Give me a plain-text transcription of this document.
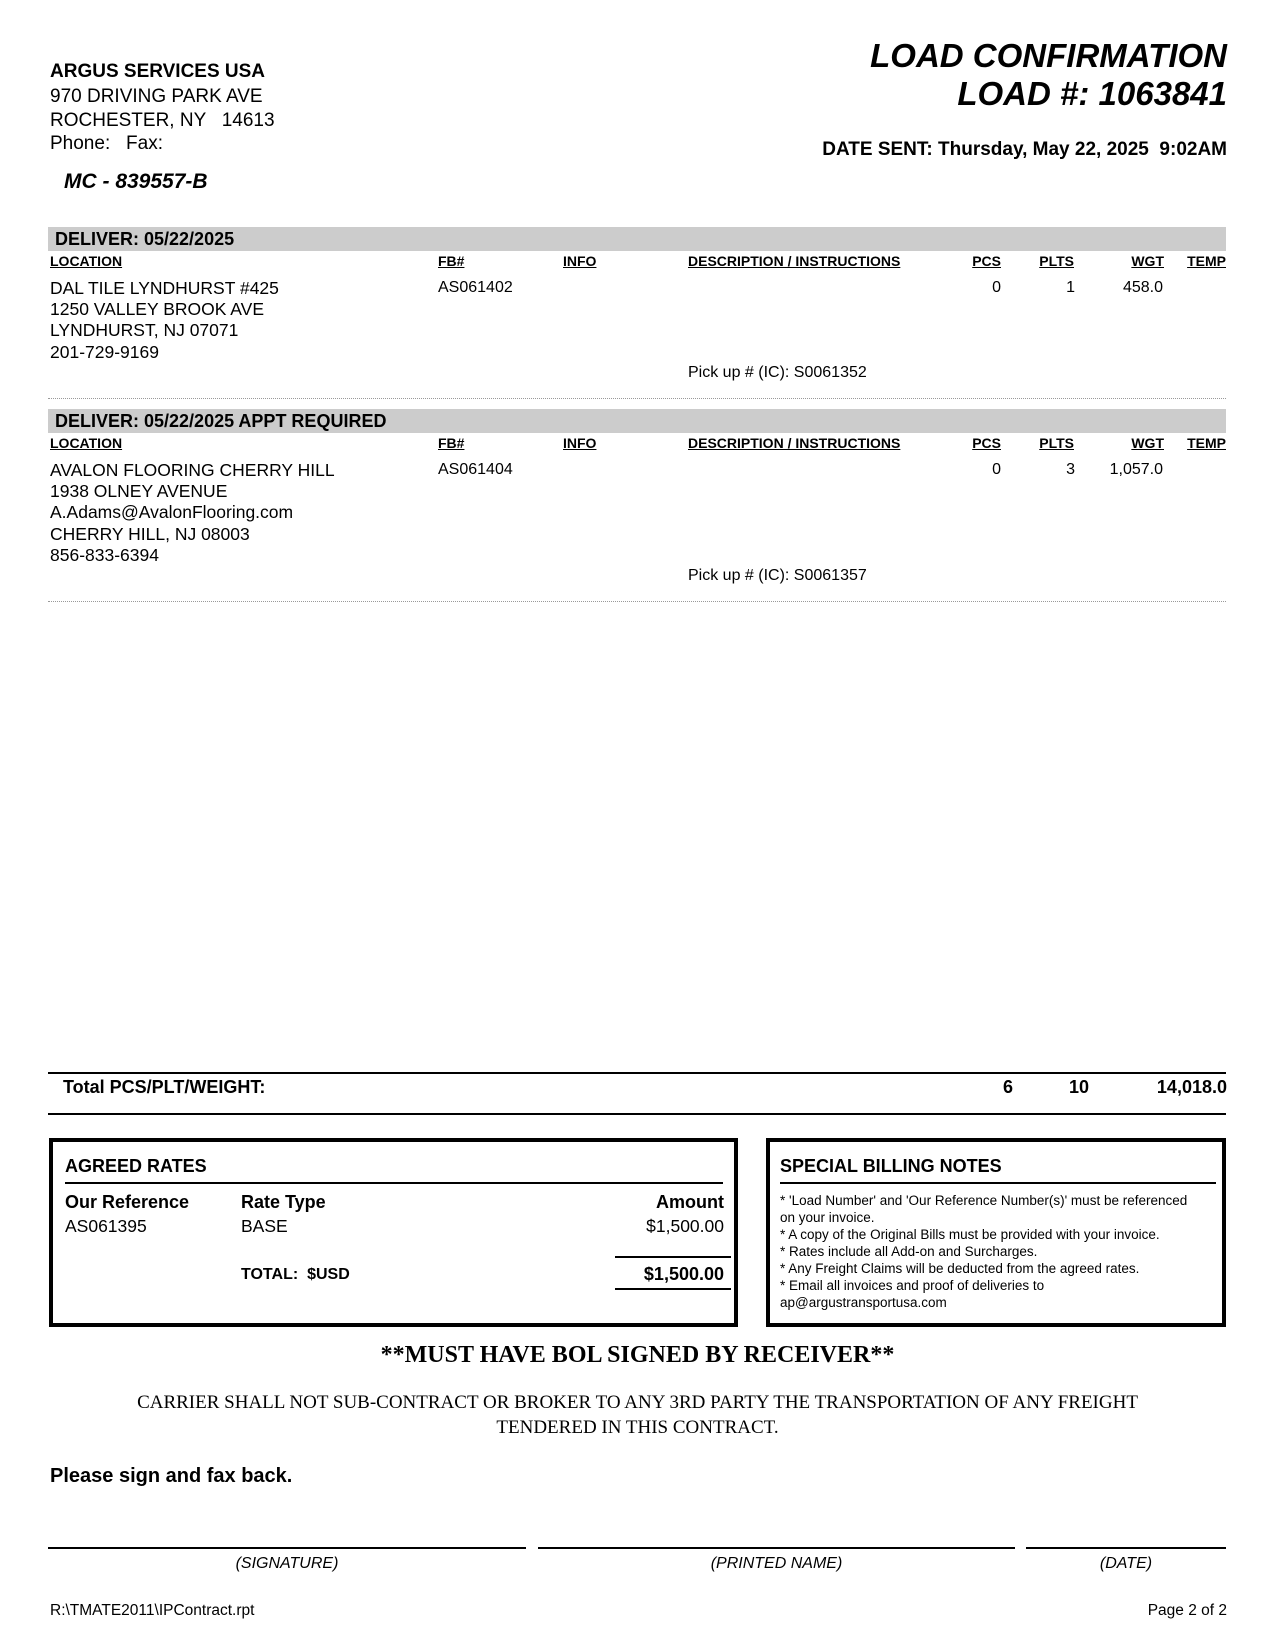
ARGUS SERVICES USA
970 DRIVING PARK AVE
ROCHESTER, NY   14613
Phone:   Fax:
MC - 839557-B
LOAD CONFIRMATION
LOAD #: 1063841
DATE SENT: Thursday, May 22, 2025  9:02AM
DELIVER: 05/22/2025
LOCATION	FB#	INFO	DESCRIPTION / INSTRUCTIONS	PCS	PLTS	WGT TEMP
DAL TILE LYNDHURST #425
1250 VALLEY BROOK AVE
LYNDHURST, NJ 07071
201-729-9169
AS061402	0	1	458.0
Pick up # (IC): S0061352
DELIVER: 05/22/2025 APPT REQUIRED
LOCATION	FB#	INFO	DESCRIPTION / INSTRUCTIONS	PCS	PLTS	WGT TEMP
AVALON FLOORING CHERRY HILL
1938 OLNEY AVENUE
A.Adams@AvalonFlooring.com
CHERRY HILL, NJ 08003
856-833-6394
AS061404	0	3 1,057.0
Pick up # (IC): S0061357
Total PCS/PLT/WEIGHT:	6	10	14,018.0
AGREED RATES
Our Reference	Rate Type	Amount
AS061395	BASE	$1,500.00
TOTAL:  $USD	$1,500.00
SPECIAL BILLING NOTES
* 'Load Number' and 'Our Reference Number(s)' must be referenced
on your invoice.
* A copy of the Original Bills must be provided with your invoice.
* Rates include all Add-on and Surcharges.
* Any Freight Claims will be deducted from the agreed rates.
* Email all invoices and proof of deliveries to
ap@argustransportusa.com
**MUST HAVE BOL SIGNED BY RECEIVER**
CARRIER SHALL NOT SUB-CONTRACT OR BROKER TO ANY 3RD PARTY THE TRANSPORTATION OF ANY FREIGHT
TENDERED IN THIS CONTRACT.
Please sign and fax back.
(SIGNATURE)	(PRINTED NAME)	(DATE)
R:\TMATE2011\IPContract.rpt	Page 2 of 2
